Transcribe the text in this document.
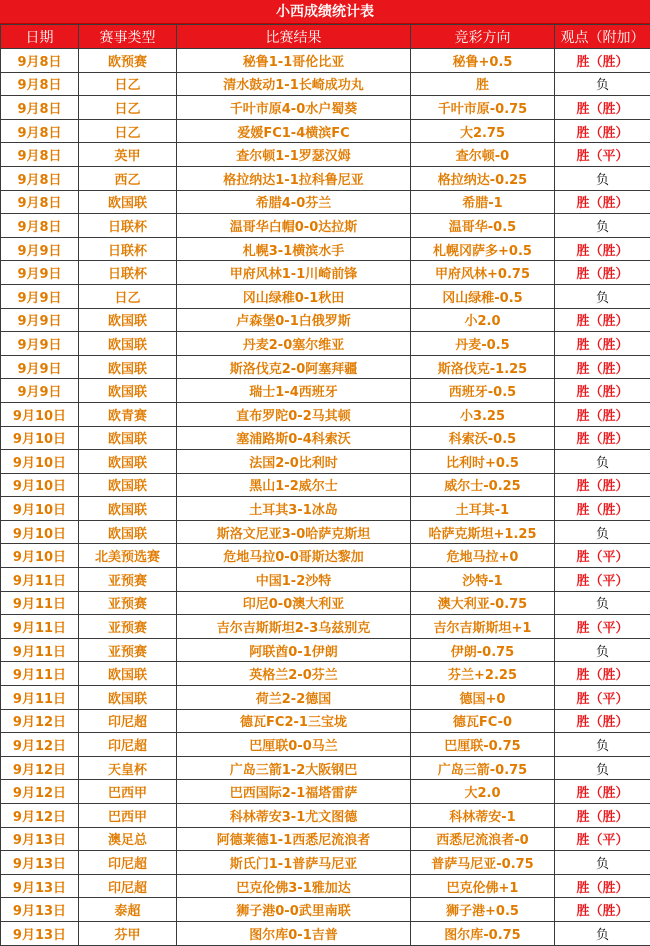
小西成绩统计表
日期	赛事类型	比赛结果	竞彩方向	观点（附加）
9月8日	欧预赛	秘鲁1-1哥伦比亚	秘鲁+0.5	胜（胜）
9月8日	日乙	清水鼓动1-1长崎成功丸	胜	负
9月8日	日乙	千叶市原4-0水户蜀葵	千叶市原-0.75	胜（胜）
9月8日	日乙	爱媛FC1-4横滨FC	大2.75	胜（胜）
9月8日	英甲	查尔顿1-1罗瑟汉姆	查尔顿-0	胜（平）
9月8日	西乙	格拉纳达1-1拉科鲁尼亚	格拉纳达-0.25	负
9月8日	欧国联	希腊4-0芬兰	希腊-1	胜（胜）
9月8日	日联杯	温哥华白帽0-0达拉斯	温哥华-0.5	负
9月9日	日联杯	札幌3-1横滨水手	札幌冈萨多+0.5	胜（胜）
9月9日	日联杯	甲府风林1-1川崎前锋	甲府风林+0.75	胜（胜）
9月9日	日乙	冈山绿稚0-1秋田	冈山绿稚-0.5	负
9月9日	欧国联	卢森堡0-1白俄罗斯	小2.0	胜（胜）
9月9日	欧国联	丹麦2-0塞尔维亚	丹麦-0.5	胜（胜）
9月9日	欧国联	斯洛伐克2-0阿塞拜疆	斯洛伐克-1.25	胜（胜）
9月9日	欧国联	瑞士1-4西班牙	西班牙-0.5	胜（胜）
9月10日	欧青赛	直布罗陀0-2马其顿	小3.25	胜（胜）
9月10日	欧国联	塞浦路斯0-4科索沃	科索沃-0.5	胜（胜）
9月10日	欧国联	法国2-0比利时	比利时+0.5	负
9月10日	欧国联	黑山1-2威尔士	威尔士-0.25	胜（胜）
9月10日	欧国联	土耳其3-1冰岛	土耳其-1	胜（胜）
9月10日	欧国联	斯洛文尼亚3-0哈萨克斯坦	哈萨克斯坦+1.25	负
9月10日	北美预选赛	危地马拉0-0哥斯达黎加	危地马拉+0	胜（平）
9月11日	亚预赛	中国1-2沙特	沙特-1	胜（平）
9月11日	亚预赛	印尼0-0澳大利亚	澳大利亚-0.75	负
9月11日	亚预赛	吉尔吉斯斯坦2-3乌兹别克	吉尔吉斯斯坦+1	胜（平）
9月11日	亚预赛	阿联酋0-1伊朗	伊朗-0.75	负
9月11日	欧国联	英格兰2-0芬兰	芬兰+2.25	胜（胜）
9月11日	欧国联	荷兰2-2德国	德国+0	胜（平）
9月12日	印尼超	德瓦FC2-1三宝垅	德瓦FC-0	胜（胜）
9月12日	印尼超	巴厘联0-0马兰	巴厘联-0.75	负
9月12日	天皇杯	广岛三箭1-2大阪钢巴	广岛三箭-0.75	负
9月12日	巴西甲	巴西国际2-1福塔雷萨	大2.0	胜（胜）
9月12日	巴西甲	科林蒂安3-1尤文图德	科林蒂安-1	胜（胜）
9月13日	澳足总	阿德莱德1-1西悉尼流浪者	西悉尼流浪者-0	胜（平）
9月13日	印尼超	斯氏门1-1普萨马尼亚	普萨马尼亚-0.75	负
9月13日	印尼超	巴克伦佛3-1雅加达	巴克伦佛+1	胜（胜）
9月13日	泰超	狮子港0-0武里南联	狮子港+0.5	胜（胜）
9月13日	芬甲	图尔库0-1吉普	图尔库-0.75	负
